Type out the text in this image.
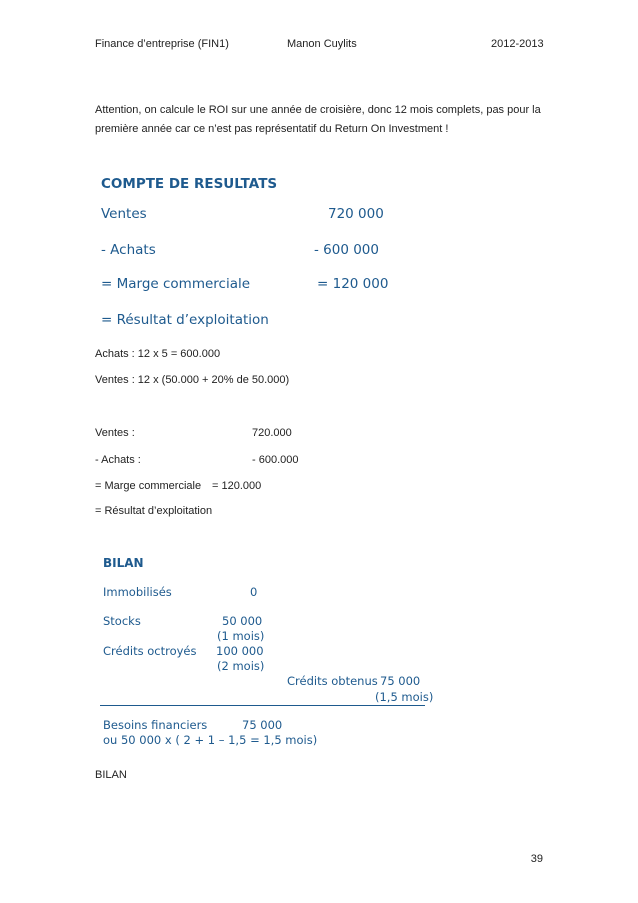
Finance d’entreprise (FIN1)	Manon Cuylits	2012-2013
Attention, on calcule le ROI sur une année de croisière, donc 12 mois complets, pas pour la première année car ce n’est pas représentatif du Return On Investment !
COMPTE DE RESULTATS
Ventes	720 000
- Achats	- 600 000
= Marge commerciale	= 120 000
= Résultat d’exploitation
Achats : 12 x 5 = 600.000
Ventes : 12 x (50.000 + 20% de 50.000)
Ventes :	720.000
- Achats :	- 600.000
= Marge commerciale = 120.000
= Résultat d’exploitation
BILAN
Immobilisés	0
Stocks	50 000
(1 mois)
Crédits octroyés 100 000
(2 mois)
Crédits obtenus 75 000
(1,5 mois)
Besoins financiers	75 000
ou 50 000 x ( 2 + 1 – 1,5 = 1,5 mois)
BILAN
39
